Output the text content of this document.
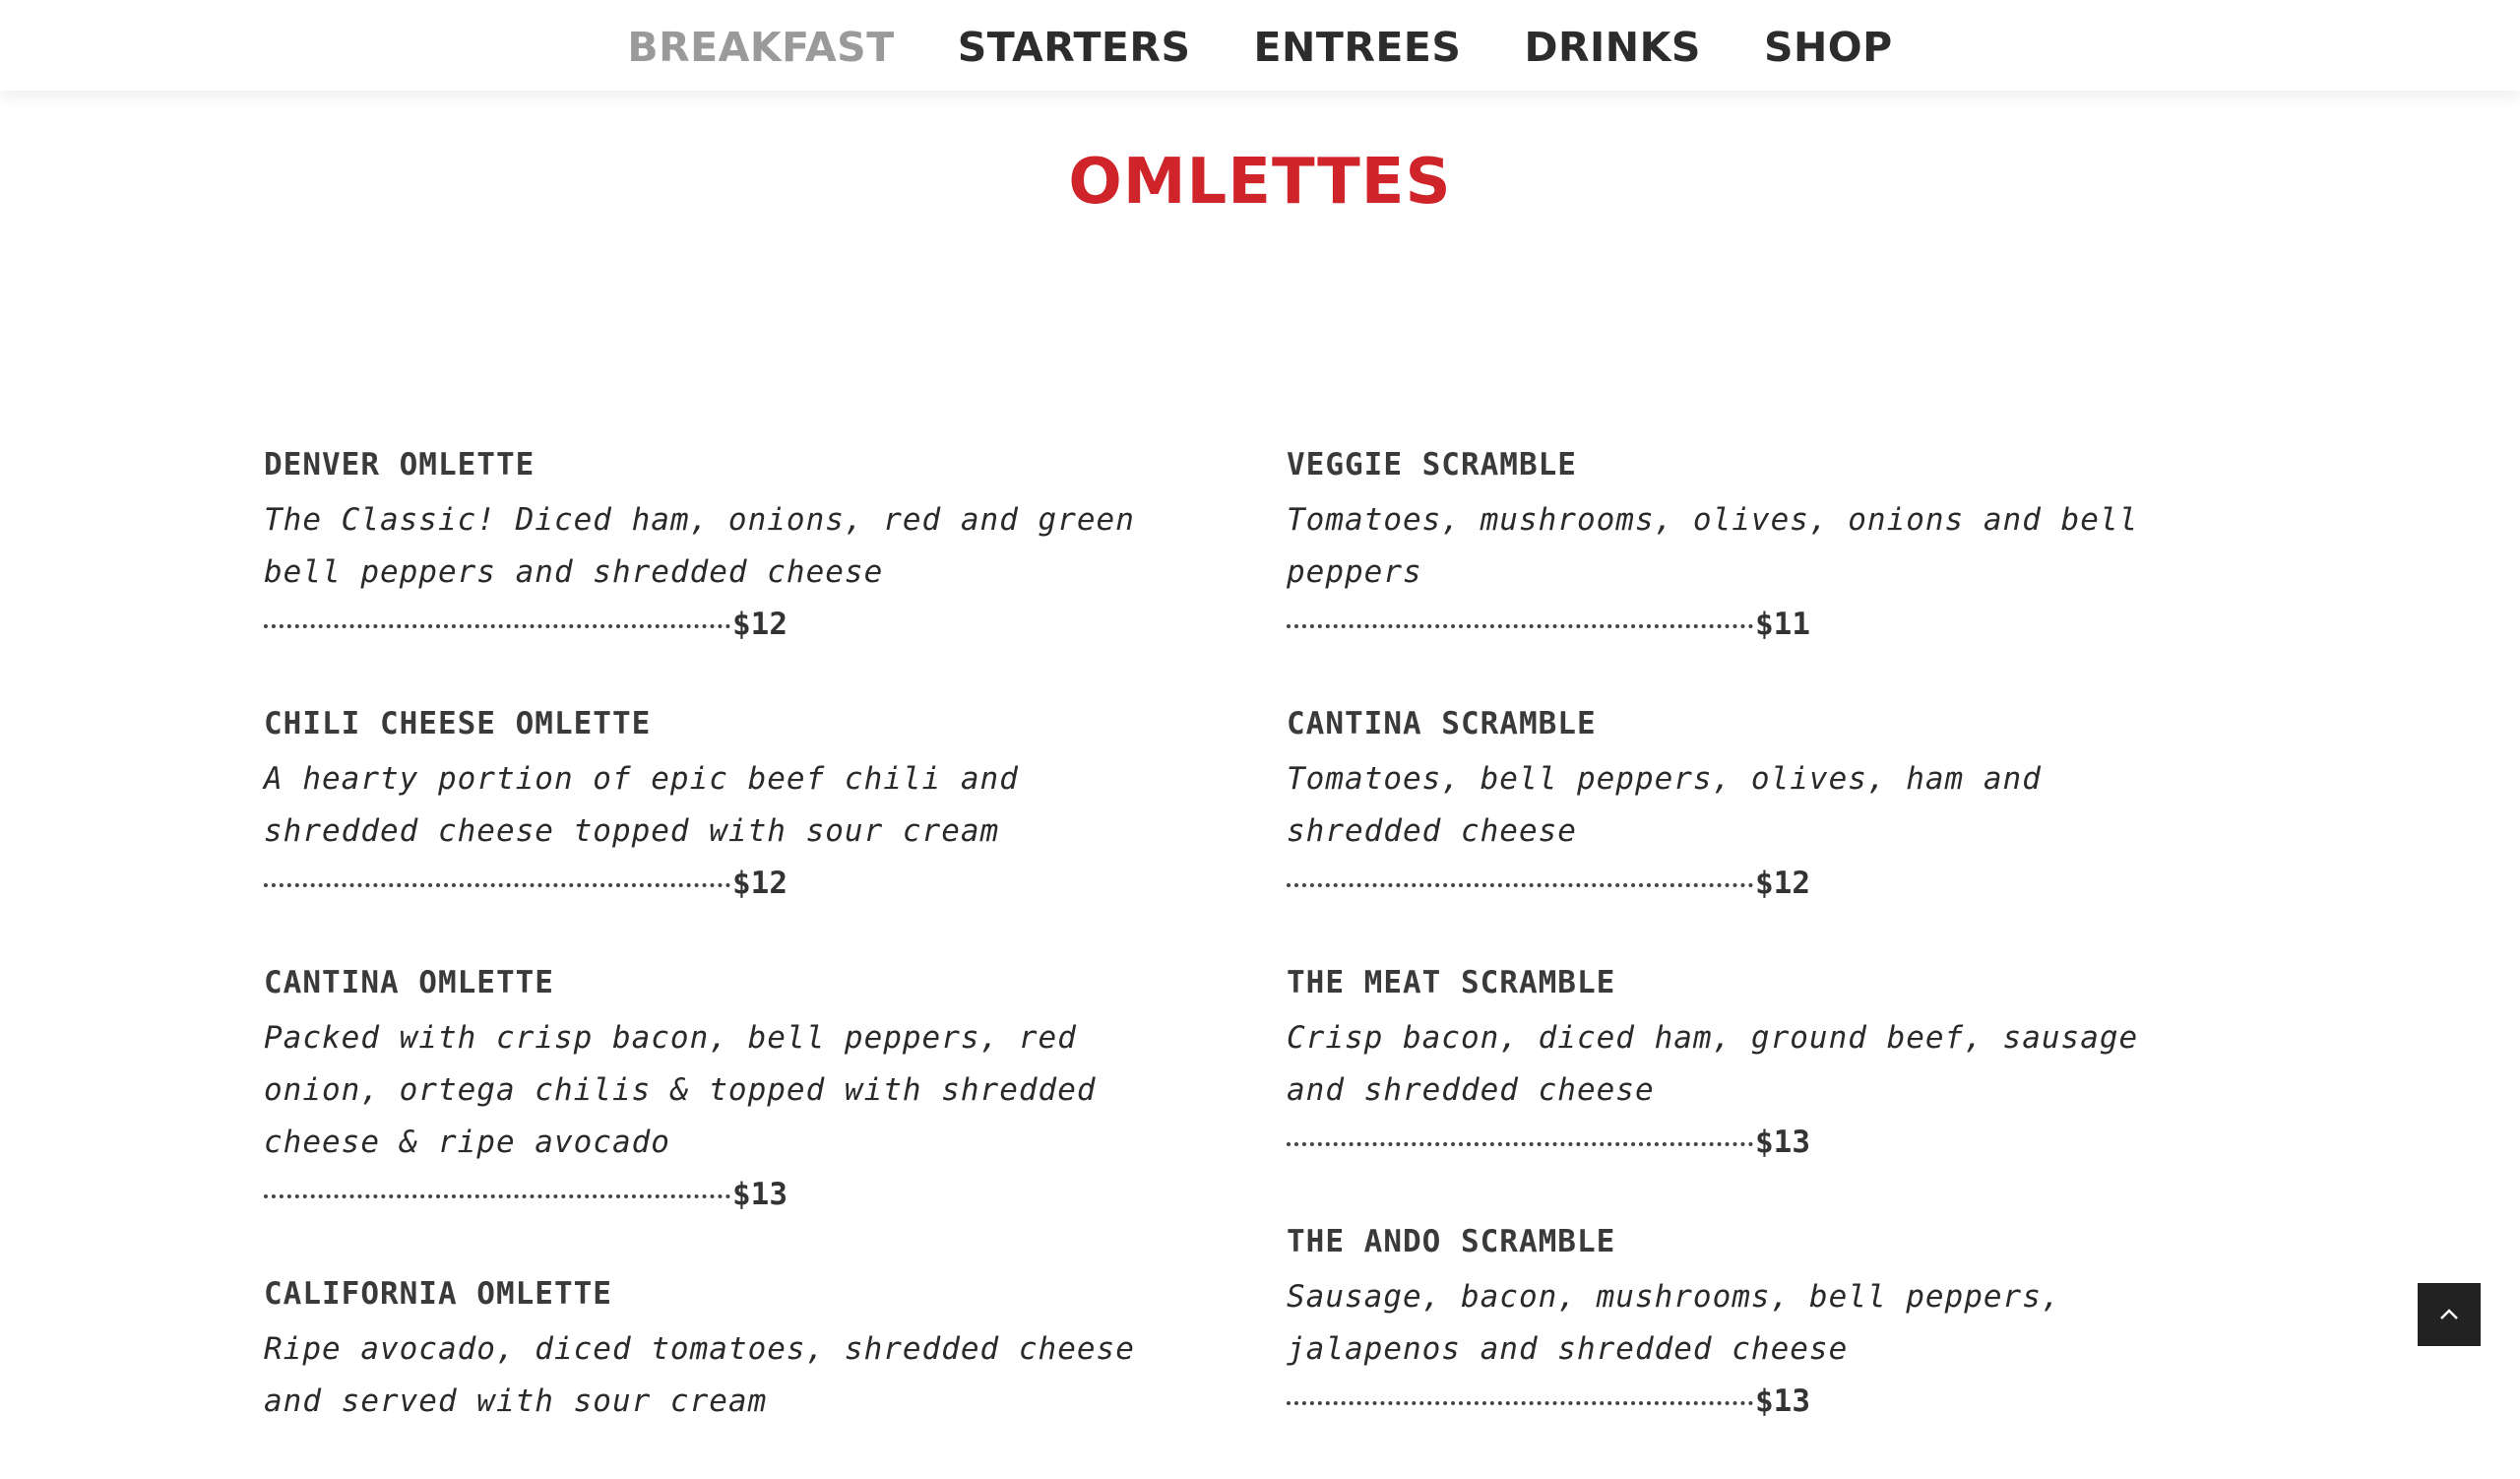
BREAKFAST STARTERS ENTREES DRINKS SHOP
OMLETTES
DENVER OMLETTE

The Classic! Diced ham, onions, red and green bell peppers and shredded cheese

$12
CHILI CHEESE OMLETTE

A hearty portion of epic beef chili and shredded cheese topped with sour cream

$12
CANTINA OMLETTE

Packed with crisp bacon, bell peppers, red onion, ortega chilis & topped with shredded cheese & ripe avocado

$13
CALIFORNIA OMLETTE

Ripe avocado, diced tomatoes, shredded cheese and served with sour cream

VEGGIE SCRAMBLE

Tomatoes, mushrooms, olives, onions and bell peppers

$11
CANTINA SCRAMBLE

Tomatoes, bell peppers, olives, ham and shredded cheese

$12
THE MEAT SCRAMBLE

Crisp bacon, diced ham, ground beef, sausage and shredded cheese

$13
THE ANDO SCRAMBLE

Sausage, bacon, mushrooms, bell peppers, jalapenos and shredded cheese

$13
